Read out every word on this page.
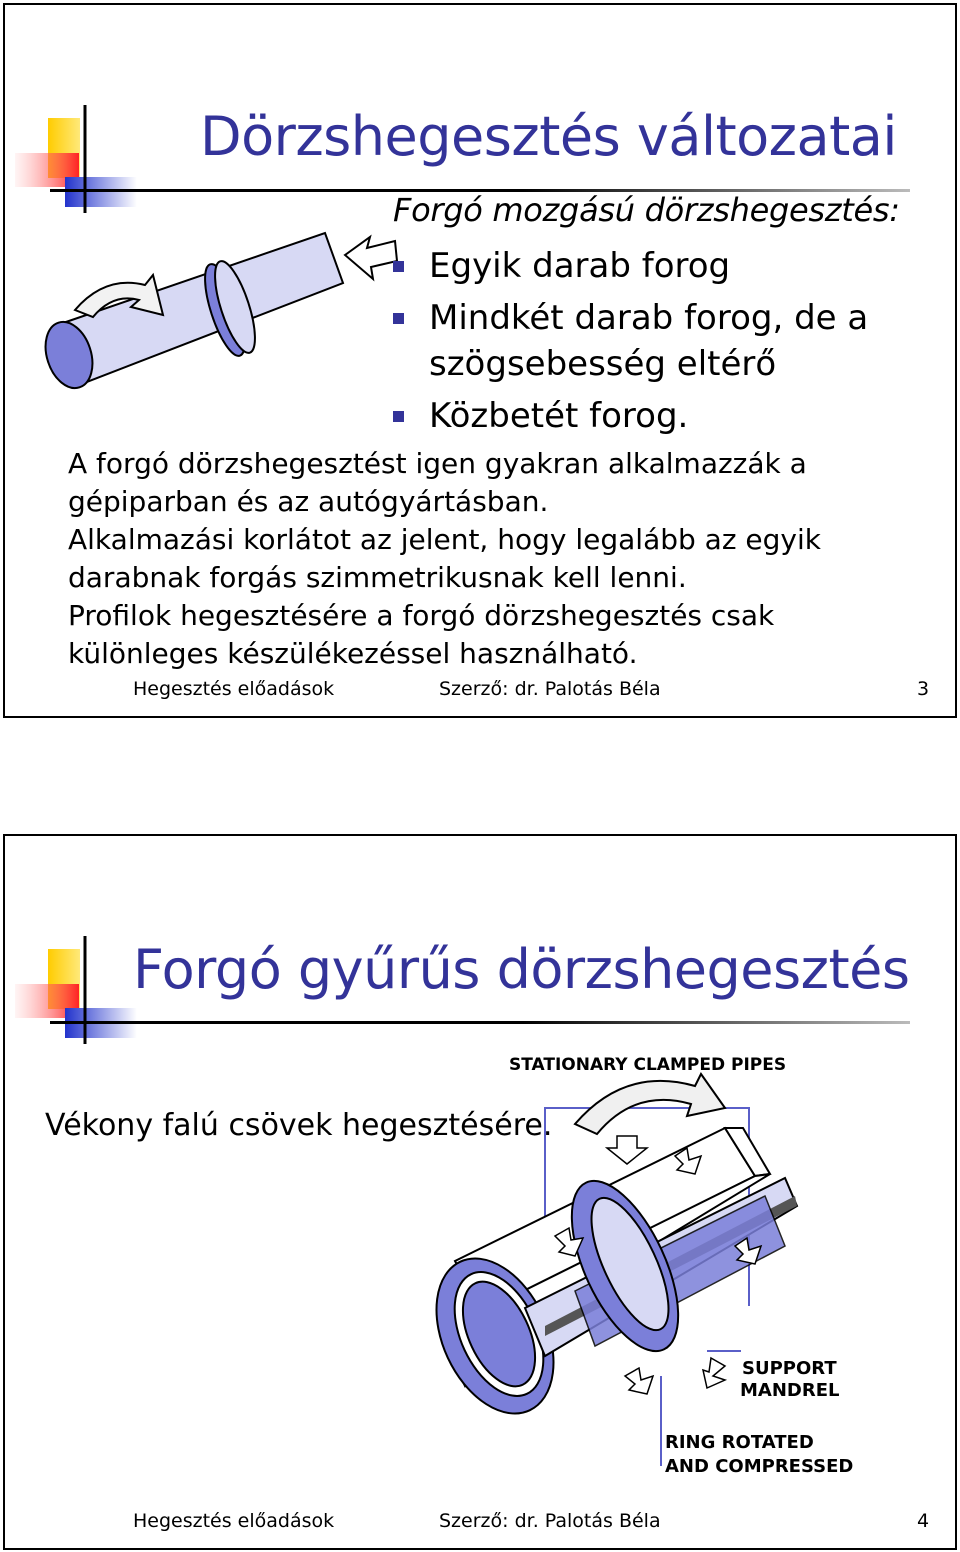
Dörzshegesztés változatai
Forgó mozgású dörzshegesztés:
Egyik darab forog
Mindkét darab forog, de a szögsebesség eltérő
Közbetét forog.
A forgó dörzshegesztést igen gyakran alkalmazzák a gépiparban és az autógyártásban.
Alkalmazási korlátot az jelent, hogy legalább az egyik darabnak forgás szimmetrikusnak kell lenni.
Profilok hegesztésére a forgó dörzshegesztés csak különleges készülékezéssel használható.
Hegesztés előadások	Szerző: dr. Palotás Béla	3
Forgó gyűrűs dörzshegesztés
Vékony falú csövek hegesztésére.
STATIONARY CLAMPED PIPES
SUPPORT
MANDREL
RING ROTATED
AND COMPRESSED
Hegesztés előadások	Szerző: dr. Palotás Béla	4
